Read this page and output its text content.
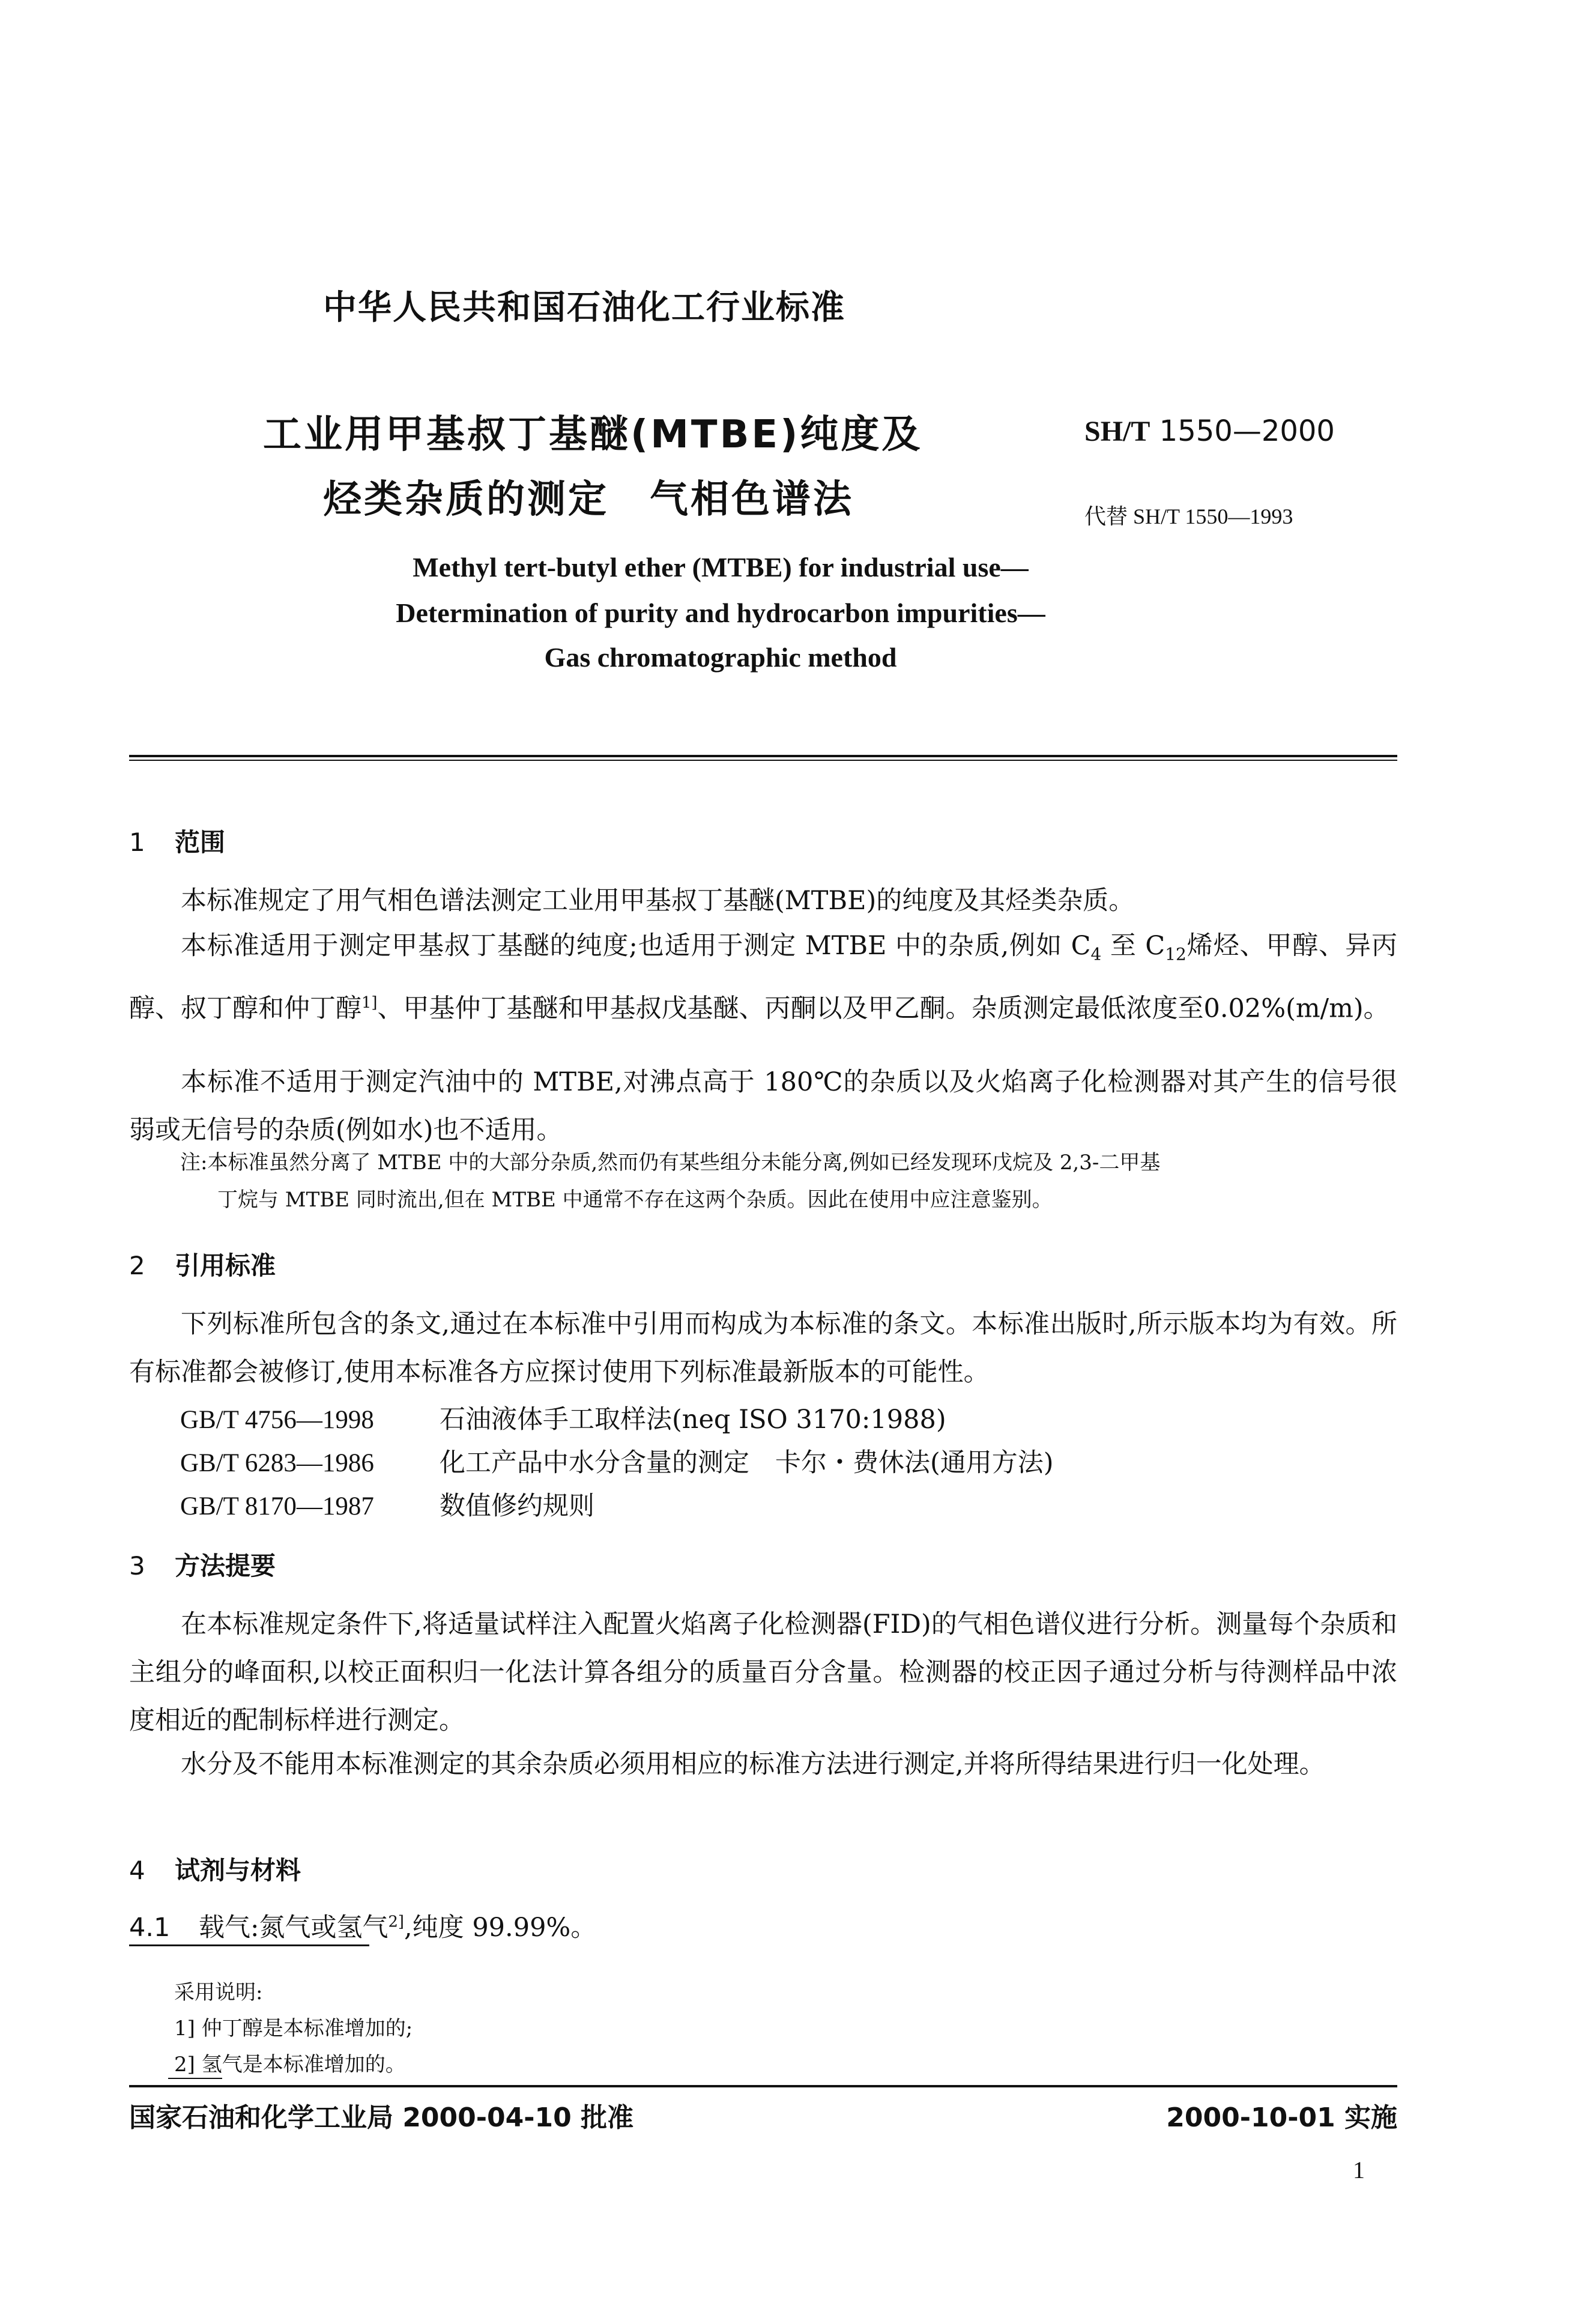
中华人民共和国石油化工行业标准
工业用甲基叔丁基醚(MTBE)纯度及
烃类杂质的测定　气相色谱法
SH/T 1550—2000
代替 SH/T 1550—1993
Methyl tert-butyl ether (MTBE) for industrial use—
Determination of purity and hydrocarbon impurities—
Gas chromatographic method
1 范围
本标准规定了用气相色谱法测定工业用甲基叔丁基醚(MTBE)的纯度及其烃类杂质。
本标准适用于测定甲基叔丁基醚的纯度;也适用于测定 MTBE 中的杂质,例如 $C_4$ 至 $C_{12}$烯烃、甲醇、异丙醇、叔丁醇和仲丁醇$^{1]}$、甲基仲丁基醚和甲基叔戊基醚、丙酮以及甲乙酮。杂质测定最低浓度至0.02%(m/m)。
本标准不适用于测定汽油中的 MTBE,对沸点高于 180℃的杂质以及火焰离子化检测器对其产生的信号很弱或无信号的杂质(例如水)也不适用。
注:本标准虽然分离了 MTBE 中的大部分杂质,然而仍有某些组分未能分离,例如已经发现环戊烷及 2,3-二甲基
丁烷与 MTBE 同时流出,但在 MTBE 中通常不存在这两个杂质。因此在使用中应注意鉴别。
2 引用标准
下列标准所包含的条文,通过在本标准中引用而构成为本标准的条文。本标准出版时,所示版本均为有效。所有标准都会被修订,使用本标准各方应探讨使用下列标准最新版本的可能性。
GB/T 4756—1998	石油液体手工取样法(neq ISO 3170:1988)
GB/T 6283—1986	化工产品中水分含量的测定　卡尔・费休法(通用方法)
GB/T 8170—1987	数值修约规则
3 方法提要
在本标准规定条件下,将适量试样注入配置火焰离子化检测器(FID)的气相色谱仪进行分析。测量每个杂质和主组分的峰面积,以校正面积归一化法计算各组分的质量百分含量。检测器的校正因子通过分析与待测样品中浓度相近的配制标样进行测定。
水分及不能用本标准测定的其余杂质必须用相应的标准方法进行测定,并将所得结果进行归一化处理。
4 试剂与材料
4.1 载气:氮气或氢气$^{2]}$,纯度 99.99%。
采用说明:
1] 仲丁醇是本标准增加的;
2] 氢气是本标准增加的。
国家石油和化学工业局 2000-04-10 批准	2000-10-01 实施
1
